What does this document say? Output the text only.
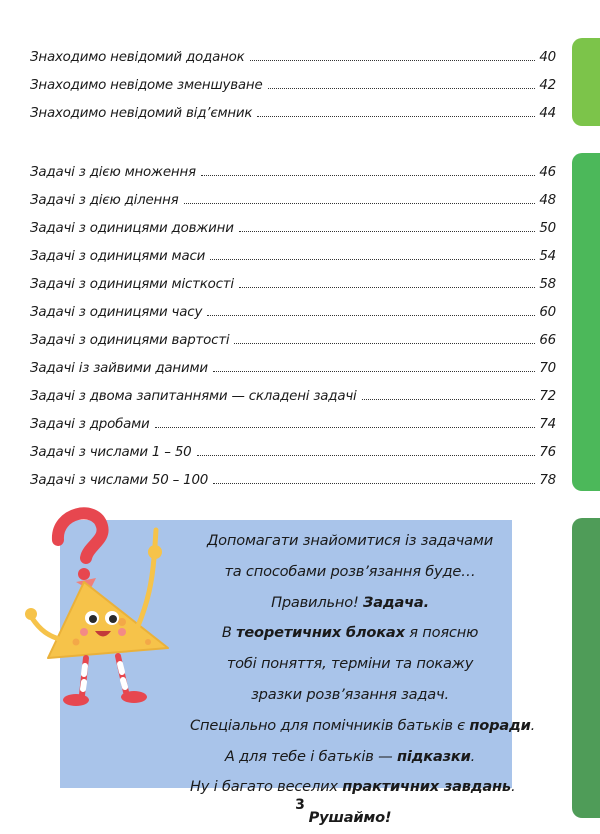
Знаходимо невідомий доданок	40
Знаходимо невідоме зменшуване	42
Знаходимо невідомий від’ємник	44
Задачі з дією множення	46
Задачі з дією ділення	48
Задачі з одиницями довжини	50
Задачі з одиницями маси	54
Задачі з одиницями місткості	58
Задачі з одиницями часу	60
Задачі з одиницями вартості	66
Задачі із зайвими даними	70
Задачі з двома запитаннями — складені задачі	72
Задачі з дробами	74
Задачі з числами 1 – 50	76
Задачі з числами 50 – 100	78
Допомагати знайомитися із задачами
та способами розв’язання буде…
Правильно! Задача.
В теоретичних блоках я поясню
тобі поняття, терміни та покажу
зразки розв’язання задач.
Спеціально для помічників батьків є поради.
А для тебе і батьків — підказки.
Ну і багато веселих практичних завдань.
Рушаймо!
3
